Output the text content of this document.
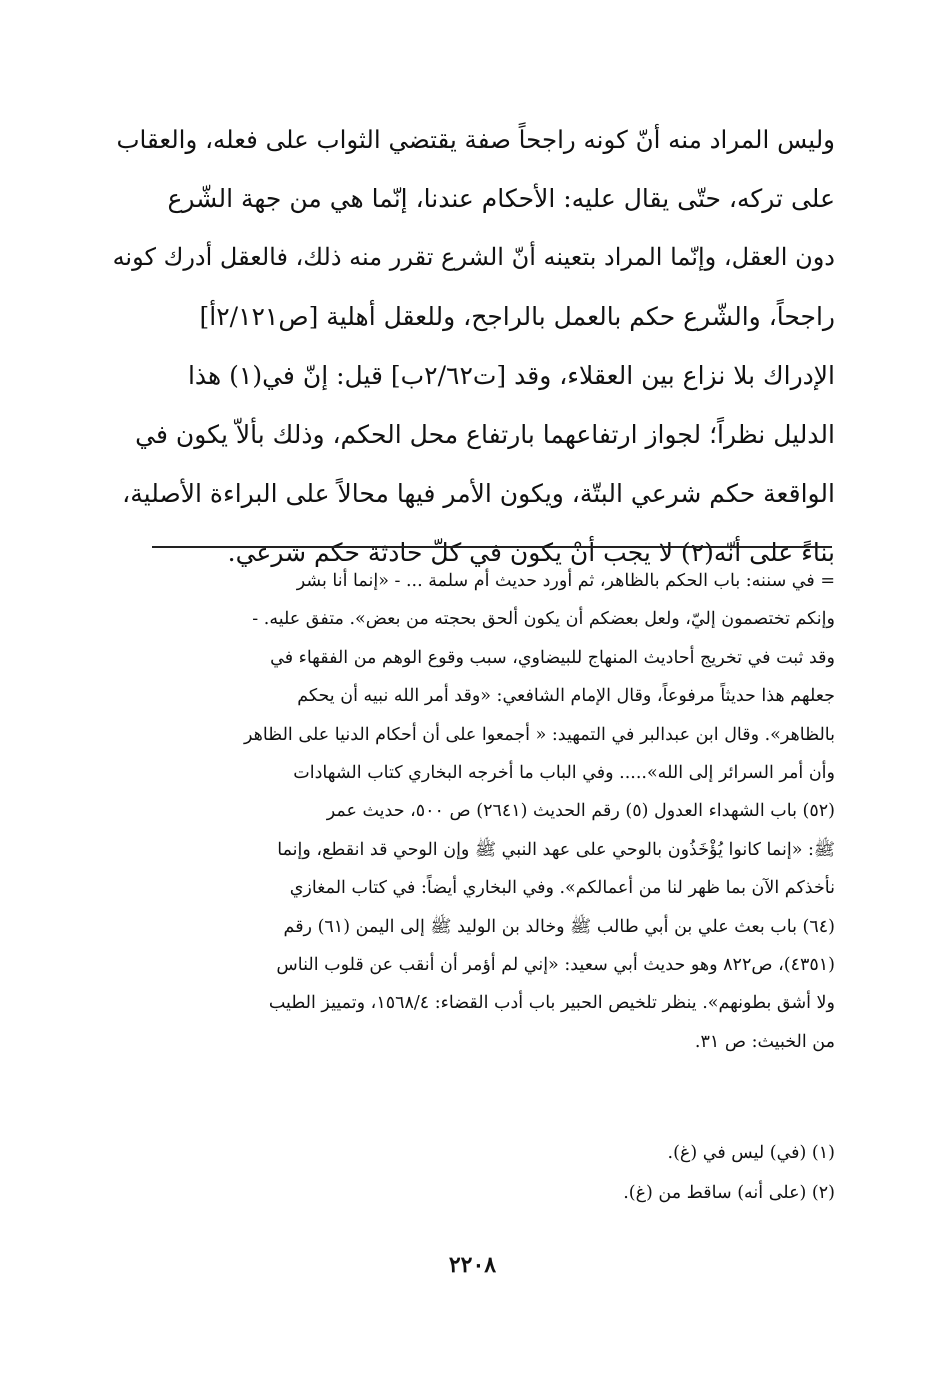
وليس المراد منه أنّ كونه راجحاً صفة يقتضي الثواب على فعله، والعقاب
على تركه، حتّى يقال عليه: الأحكام عندنا، إنّما هي من جهة الشّرع
دون العقل، وإنّما المراد بتعينه أنّ الشرع تقرر منه ذلك، فالعقل أدرك كونه
راجحاً، والشّرع حكم بالعمل بالراجح، وللعقل أهلية [ص٢/١٢١أ]
الإدراك بلا نزاع بين العقلاء، وقد [ت٢/٦٢ب] قيل: إنّ في(١) هذا
الدليل نظراً؛ لجواز ارتفاعهما بارتفاع محل الحكم، وذلك بألاّ يكون في
الواقعة حكم شرعي البتّة، ويكون الأمر فيها محالاً على البراءة الأصلية،
بناءً على أنّه(٢) لا يجب أنْ يكون في كلّ حادثة حكم شرعي.
= في سننه: باب الحكم بالظاهر، ثم أورد حديث أم سلمة ... - «إنما أنا بشر
وإنكم تختصمون إليّ، ولعل بعضكم أن يكون ألحق بحجته من بعض». متفق عليه. -
وقد ثبت في تخريج أحاديث المنهاج للبيضاوي، سبب وقوع الوهم من الفقهاء في
جعلهم هذا حديثاً مرفوعاً، وقال الإمام الشافعي: «وقد أمر الله نبيه أن يحكم
بالظاهر». وقال ابن عبدالبر في التمهيد: « أجمعوا على أن أحكام الدنيا على الظاهر
وأن أمر السرائر إلى الله»..... وفي الباب ما أخرجه البخاري كتاب الشهادات
(٥٢) باب الشهداء العدول (٥) رقم الحديث (٢٦٤١) ص ٥٠٠، حديث عمر
ﷺ: «إنما كانوا يُؤْخَذُون بالوحي على عهد النبي ﷺ وإن الوحي قد انقطع، وإنما
نأخذكم الآن بما ظهر لنا من أعمالكم». وفي البخاري أيضاً: في كتاب المغازي
(٦٤) باب بعث علي بن أبي طالب ﷺ وخالد بن الوليد ﷺ إلى اليمن (٦١) رقم
(٤٣٥١)، ص٨٢٢ وهو حديث أبي سعيد: «إني لم أؤمر أن أنقب عن قلوب الناس
ولا أشق بطونهم». ينظر تلخيص الحبير باب أدب القضاء: ١٥٦٨/٤، وتمييز الطيب
من الخبيث: ص ٣١.
(١) (في) ليس في (غ).
(٢) (على أنه) ساقط من (غ).
٢٢٠٨
